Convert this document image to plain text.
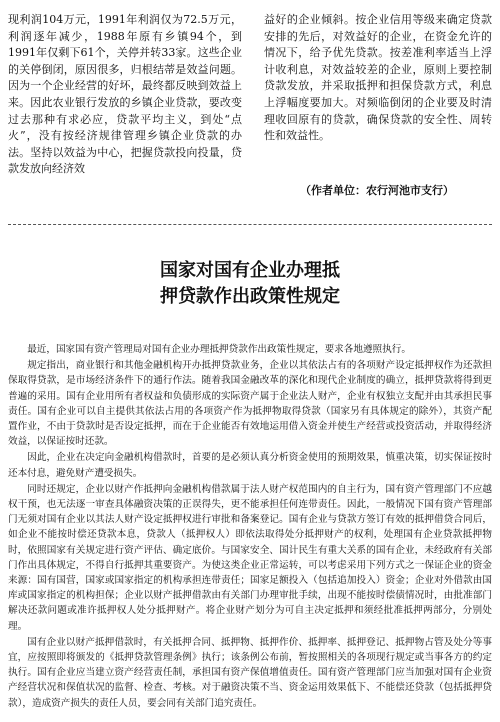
现利润104万元，1991年利润仅为72.5万元，利润逐年减少，1988年原有乡镇94个，到1991年仅剩下61个，关停并转33家。这些企业的关停倒闭，原因很多，归根结蒂是效益问题。因为一个企业经营的好坏，最终都反映到效益上来。因此农业银行发放的乡镇企业贷款，要改变过去那种有求必应，贷款平均主义，到处“点火”，没有按经济规律管理乡镇企业贷款的办法。坚持以效益为中心，把握贷款投向投量，贷款发放向经济效

益好的企业倾斜。按企业信用等级来确定贷款安排的先后，对效益好的企业，在资金允许的情况下，给予优先贷款。按差准利率适当上浮计收利息，对效益较差的企业，原则上要控制贷款发放，并采取抵押和担保贷款方式，利息上浮幅度要加大。对频临倒闭的企业要及时清理收回原有的贷款，确保贷款的安全性、周转性和效益性。

（作者单位：农行河池市支行）
国家对国有企业办理抵
押贷款作出政策性规定

最近，国家国有资产管理局对国有企业办理抵押贷款作出政策性规定，要求各地遵照执行。

规定指出，商业银行和其他金融机构开办抵押贷款业务，企业以其依法占有的各项财产设定抵押权作为还款担保取得贷款，是市场经济条件下的通行作法。随着我国金融改革的深化和现代企业制度的确立，抵押贷款将得到更普遍的采用。国有企业用所有者权益和负债形成的实际资产属于企业法人财产，企业有权独立支配并由其承担民事责任。国有企业可以自主提供其依法占用的各项资产作为抵押物取得贷款（国家另有具体规定的除外），其资产配置作业，不由于贷款时是否设定抵押，而在于企业能否有效地运用借入资金并使生产经营或投资活动，并取得经济效益，以保证按时还款。

因此，企业在决定向金融机构借款时，首要的是必须认真分析资金使用的预期效果，慎重决策，切实保证按时还本付息，避免财产遭受损失。

同时还规定，企业以财产作抵押向金融机构借款属于法人财产权范围内的自主行为，国有资产管理部门不应越权干预，也无法逐一审查具体融资决策的正误得失，更不能承担任何连带责任。因此，一般情况下国有资产管理部门无须对国有企业以其法人财产设定抵押权进行审批和备案登记。国有企业与贷款方签订有效的抵押借贷合同后，如企业不能按时偿还贷款本息，贷款人（抵押权人）即依法取得处分抵押财产的权利，处理国有企业贷款抵押物时，依照国家有关规定进行资产评估、确定底价。与国家安全、国计民生有重大关系的国有企业，未经政府有关部门作出具体规定，不得自行抵押其重要资产。为使这类企业正常运转，可以考虑采用下列方式之一保证企业的资金来源：国有国营，国家或国家指定的机构承担连带责任；国家足额投入（包括追加投入）资金；企业对外借款由国库或国家指定的机构担保；企业以财产抵押借款由有关部门办理审批手续，出现不能按时偿债情况时，由批准部门解决还款问题或准许抵押权人处分抵押财产。将企业财产划分为可自主决定抵押和须经批准抵押两部分，分别处理。

国有企业以财产抵押借款时，有关抵押合同、抵押物、抵押作价、抵押率、抵押登记、抵押物占管及处分等事宜，应按照即将颁发的《抵押贷款管理条例》执行；该条例公布前，暂按照相关的各项现行规定或当事各方的约定执行。国有企业应当建立资产经营责任制，承担国有资产保值增值责任。国有资产管理部门应当加强对国有企业资产经营状况和保值状况的监督、检查、考核。对于融资决策不当、资金运用效果低下、不能偿还贷款（包括抵押贷款），造成资产损失的责任人员，要会同有关部门追究责任。
